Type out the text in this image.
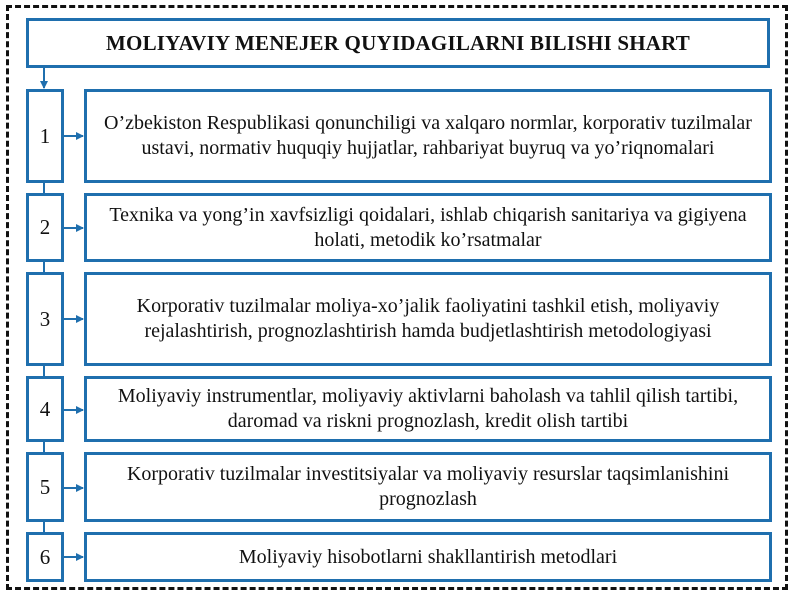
MOLIYAVIY MENEJER QUYIDAGILARNI BILISHI SHART
1
O’zbekiston Respublikasi qonunchiligi va xalqaro normlar, korporativ tuzilmalar ustavi, normativ huquqiy hujjatlar, rahbariyat buyruq va yo’riqnomalari
2
Texnika va yong’in xavfsizligi qoidalari, ishlab chiqarish sanitariya va gigiyena holati, metodik ko’rsatmalar
3
Korporativ tuzilmalar moliya-xo’jalik faoliyatini tashkil etish, moliyaviy rejalashtirish, prognozlashtirish hamda budjetlashtirish metodologiyasi
4
Moliyaviy instrumentlar, moliyaviy aktivlarni baholash va tahlil qilish tartibi, daromad va riskni prognozlash, kredit olish tartibi
5
Korporativ tuzilmalar investitsiyalar va moliyaviy resurslar taqsimlanishini prognozlash
6	Moliyaviy hisobotlarni shakllantirish metodlari
